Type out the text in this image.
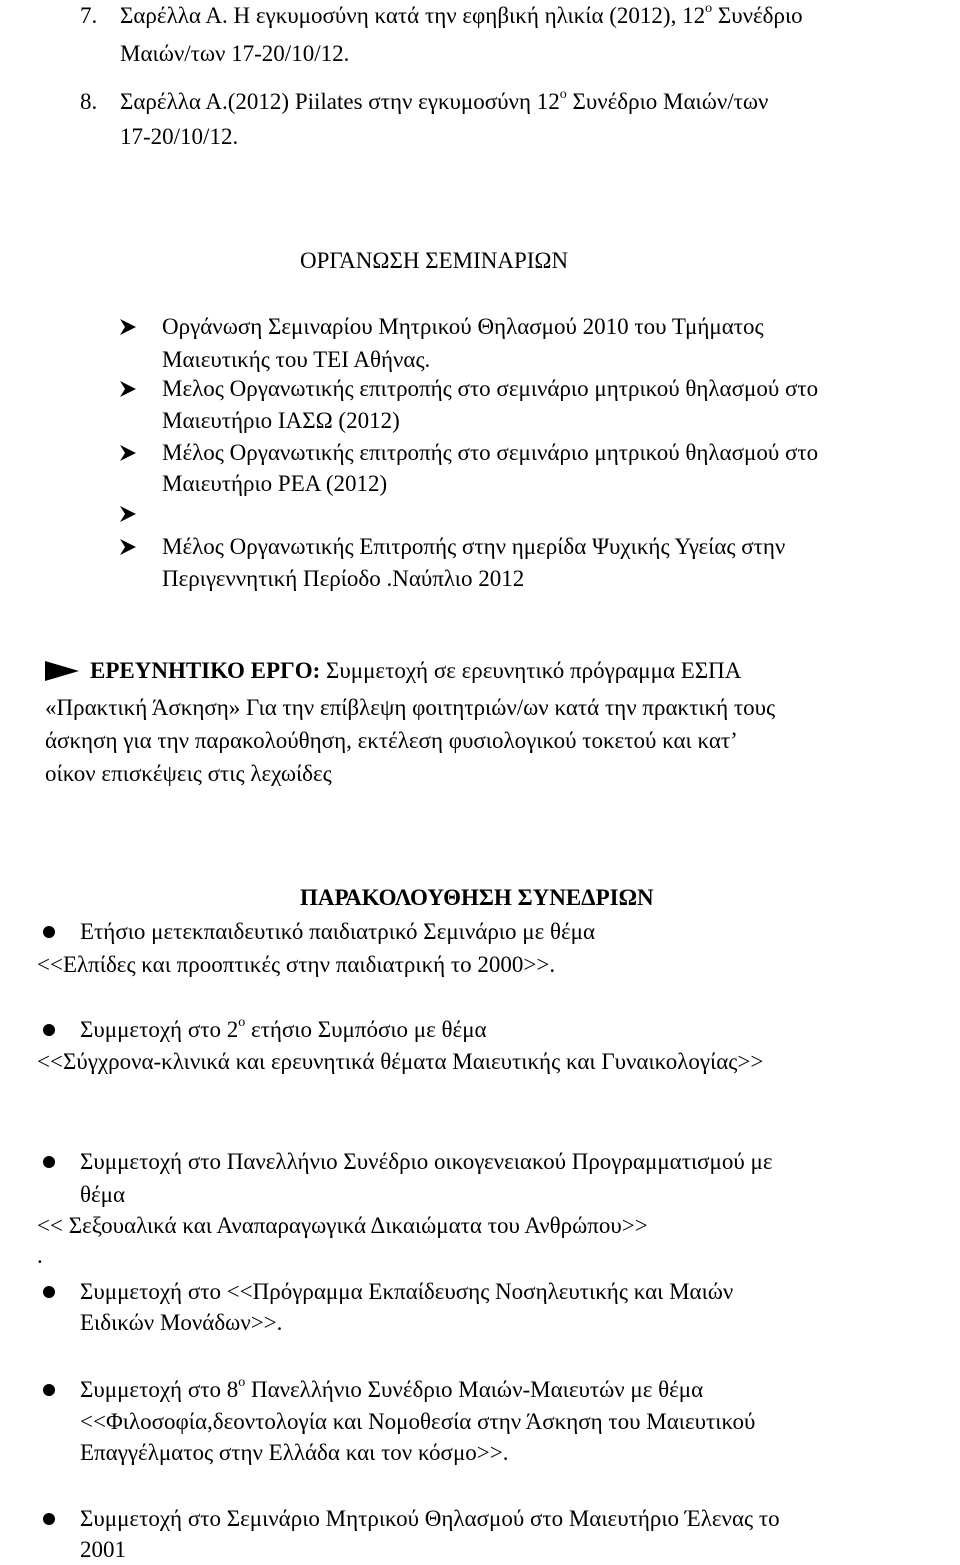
7. Σαρέλλα Α. Η εγκυμοσύνη κατά την εφηβική ηλικία (2012), $12^o$ Συνέδριο
Μαιών/των 17-20/10/12.
8. Σαρέλλα Α.(2012) Piilates στην εγκυμοσύνη $12^o$ Συνέδριο Μαιών/των
17-20/10/12.
ΟΡΓΑΝΩΣΗ ΣΕΜΙΝΑΡΙΩΝ
Οργάνωση Σεμιναρίου Μητρικού Θηλασμού 2010 του Τμήματος
Μαιευτικής του ΤΕΙ Αθήνας.
Μελος Οργανωτικής επιτροπής στο σεμινάριο μητρικού θηλασμού στο
Μαιευτήριο ΙΑΣΩ (2012)
Μέλος Οργανωτικής επιτροπής στο σεμινάριο μητρικού θηλασμού στο
Μαιευτήριο ΡΕΑ (2012)
Μέλος Οργανωτικής Επιτροπής στην ημερίδα Ψυχικής Υγείας στην
Περιγεννητική Περίοδο .Ναύπλιο 2012
ΕΡΕΥΝΗΤΙΚΟ ΕΡΓΟ: Συμμετοχή σε ερευνητικό πρόγραμμα ΕΣΠΑ
«Πρακτική Άσκηση» Για την επίβλεψη φοιτητριών/ων κατά την πρακτική τους
άσκηση για την παρακολούθηση, εκτέλεση φυσιολογικού τοκετού και κατ’
οίκον επισκέψεις στις λεχωίδες
ΠΑΡΑΚΟΛΟΥΘΗΣΗ ΣΥΝΕΔΡΙΩΝ
Ετήσιο μετεκπαιδευτικό παιδιατρικό Σεμινάριο με θέμα
<<Ελπίδες και προοπτικές στην παιδιατρική το 2000>>.
Συμμετοχή στο $2^o$ ετήσιο Συμπόσιο με θέμα
<<Σύγχρονα-κλινικά και ερευνητικά θέματα Μαιευτικής και Γυναικολογίας>>
Συμμετοχή στο Πανελλήνιο Συνέδριο οικογενειακού Προγραμματισμού με
θέμα
<< Σεξουαλικά και Αναπαραγωγικά Δικαιώματα του Ανθρώπου>>
.
Συμμετοχή στο <<Πρόγραμμα Εκπαίδευσης Νοσηλευτικής και Μαιών
Ειδικών Μονάδων>>.
Συμμετοχή στο $8^o$ Πανελλήνιο Συνέδριο Μαιών-Μαιευτών με θέμα
<<Φιλοσοφία,δεοντολογία και Νομοθεσία στην Άσκηση του Μαιευτικού
Επαγγέλματος στην Ελλάδα και τον κόσμο>>.
Συμμετοχή στο Σεμινάριο Μητρικού Θηλασμού στο Μαιευτήριο Έλενας το
2001
